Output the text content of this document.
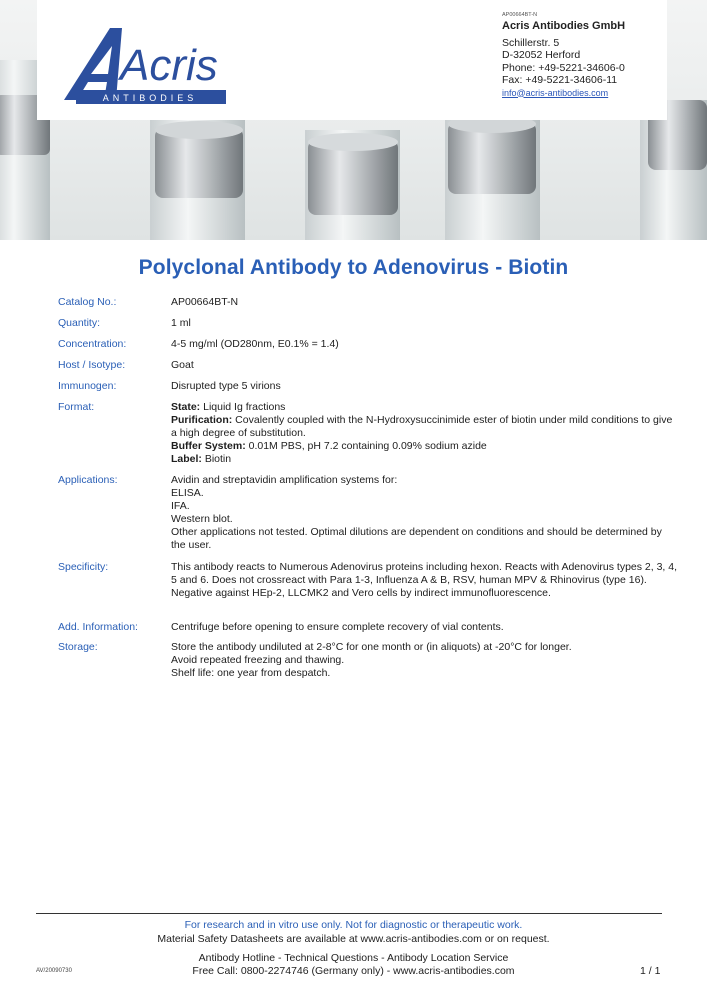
Acris
ANTIBODIES
AP00664BT-N
Acris Antibodies GmbH
Schillerstr. 5
D-32052 Herford
Phone: +49-5221-34606-0
Fax: +49-5221-34606-11
info@acris-antibodies.com
Polyclonal Antibody to Adenovirus - Biotin
Catalog No.:	AP00664BT-N
Quantity:	1 ml
Concentration:	4-5 mg/ml (OD280nm, E0.1% = 1.4)
Host / Isotype:	Goat
Immunogen:	Disrupted type 5 virions
Format:	State: Liquid Ig fractions
Purification: Covalently coupled with the N-Hydroxysuccinimide ester of biotin under mild conditions to give a high degree of substitution.
Buffer System: 0.01M PBS, pH 7.2 containing 0.09% sodium azide
Label: Biotin
Applications:	Avidin and streptavidin amplification systems for:
ELISA.
IFA.
Western blot.
Other applications not tested. Optimal dilutions are dependent on conditions and should be determined by the user.
Specificity:	This antibody reacts to Numerous Adenovirus proteins including hexon. Reacts with Adenovirus types 2, 3, 4, 5 and 6. Does not crossreact with Para 1-3, Influenza A & B, RSV, human MPV & Rhinovirus (type 16). Negative against HEp-2, LLCMK2 and Vero cells by indirect immunofluorescence.
Add. Information:	Centrifuge before opening to ensure complete recovery of vial contents.
Storage:	Store the antibody undiluted at 2-8°C for one month or (in aliquots) at -20°C for longer.
Avoid repeated freezing and thawing.
Shelf life: one year from despatch.
For research and in vitro use only. Not for diagnostic or therapeutic work.
Material Safety Datasheets are available at www.acris-antibodies.com or on request.
Antibody Hotline - Technical Questions - Antibody Location Service
Free Call: 0800-2274746 (Germany only) - www.acris-antibodies.com
AV/20090730	1 / 1
